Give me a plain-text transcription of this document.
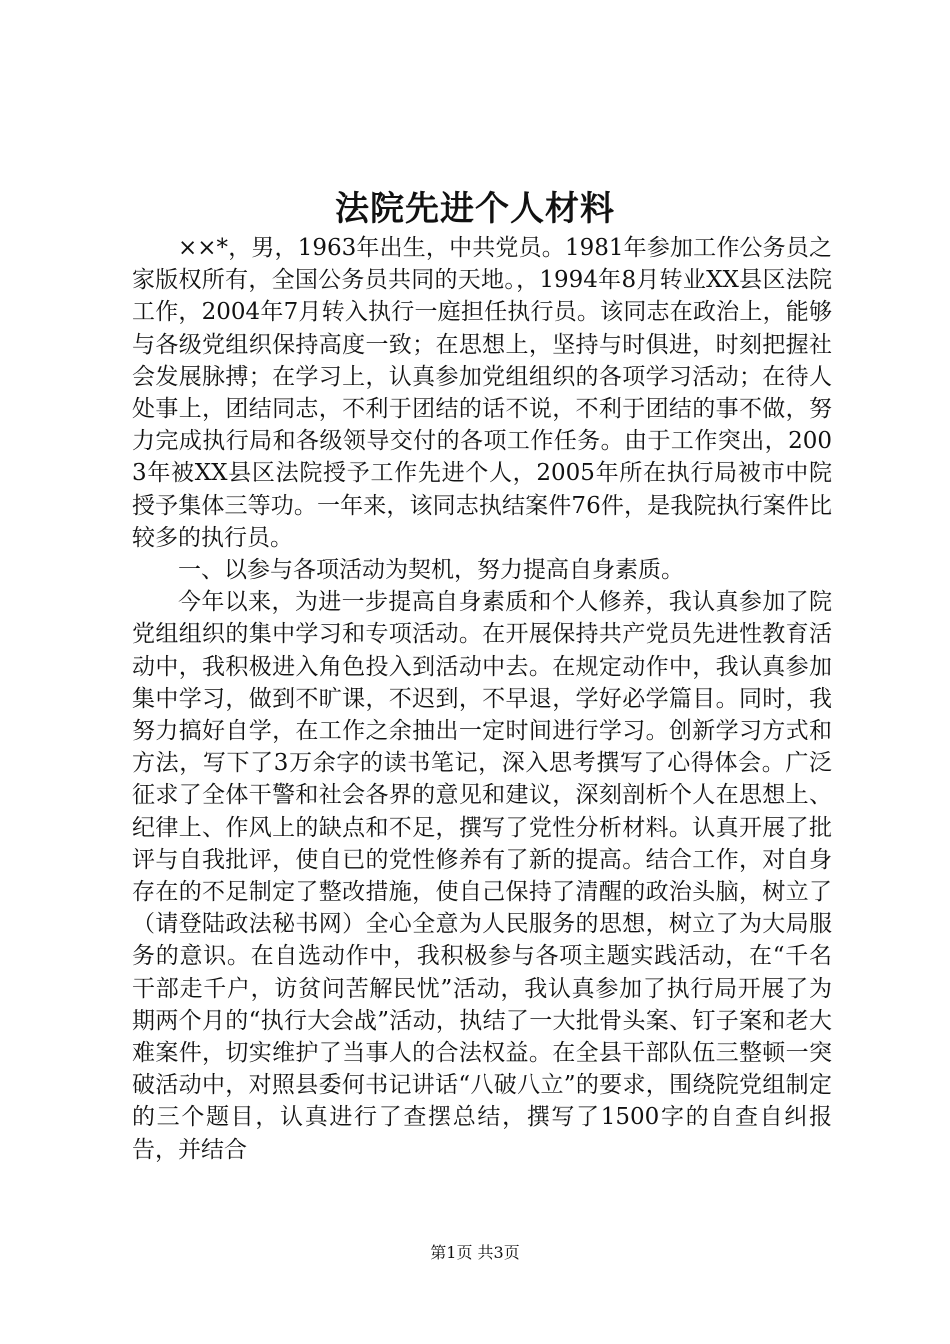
法院先进个人材料

××*，男，1963年出生，中共党员。1981年参加工作公务员之家版权所有，全国公务员共同的天地。，1994年8月转业XX县区法院工作，2004年7月转入执行一庭担任执行员。该同志在政治上，能够与各级党组织保持高度一致；在思想上，坚持与时俱进，时刻把握社会发展脉搏；在学习上，认真参加党组组织的各项学习活动；在待人处事上，团结同志，不利于团结的话不说，不利于团结的事不做，努力完成执行局和各级领导交付的各项工作任务。由于工作突出，2003年被XX县区法院授予工作先进个人，2005年所在执行局被市中院授予集体三等功。一年来，该同志执结案件76件，是我院执行案件比较多的执行员。

一、以参与各项活动为契机，努力提高自身素质。

今年以来，为进一步提高自身素质和个人修养，我认真参加了院党组组织的集中学习和专项活动。在开展保持共产党员先进性教育活动中，我积极进入角色投入到活动中去。在规定动作中，我认真参加集中学习，做到不旷课，不迟到，不早退，学好必学篇目。同时，我努力搞好自学，在工作之余抽出一定时间进行学习。创新学习方式和方法，写下了3万余字的读书笔记，深入思考撰写了心得体会。广泛征求了全体干警和社会各界的意见和建议，深刻剖析个人在思想上、纪律上、作风上的缺点和不足，撰写了党性分析材料。认真开展了批评与自我批评，使自已的党性修养有了新的提高。结合工作，对自身存在的不足制定了整改措施，使自己保持了清醒的政治头脑，树立了（请登陆政法秘书网）全心全意为人民服务的思想，树立了为大局服务的意识。在自选动作中，我积极参与各项主题实践活动，在“千名干部走千户，访贫问苦解民忧”活动，我认真参加了执行局开展了为期两个月的“执行大会战”活动，执结了一大批骨头案、钉子案和老大难案件，切实维护了当事人的合法权益。在全县干部队伍三整顿一突破活动中，对照县委何书记讲话“八破八立”的要求，围绕院党组制定的三个题目，认真进行了查摆总结，撰写了1500字的自查自纠报告，并结合

第1页 共3页
